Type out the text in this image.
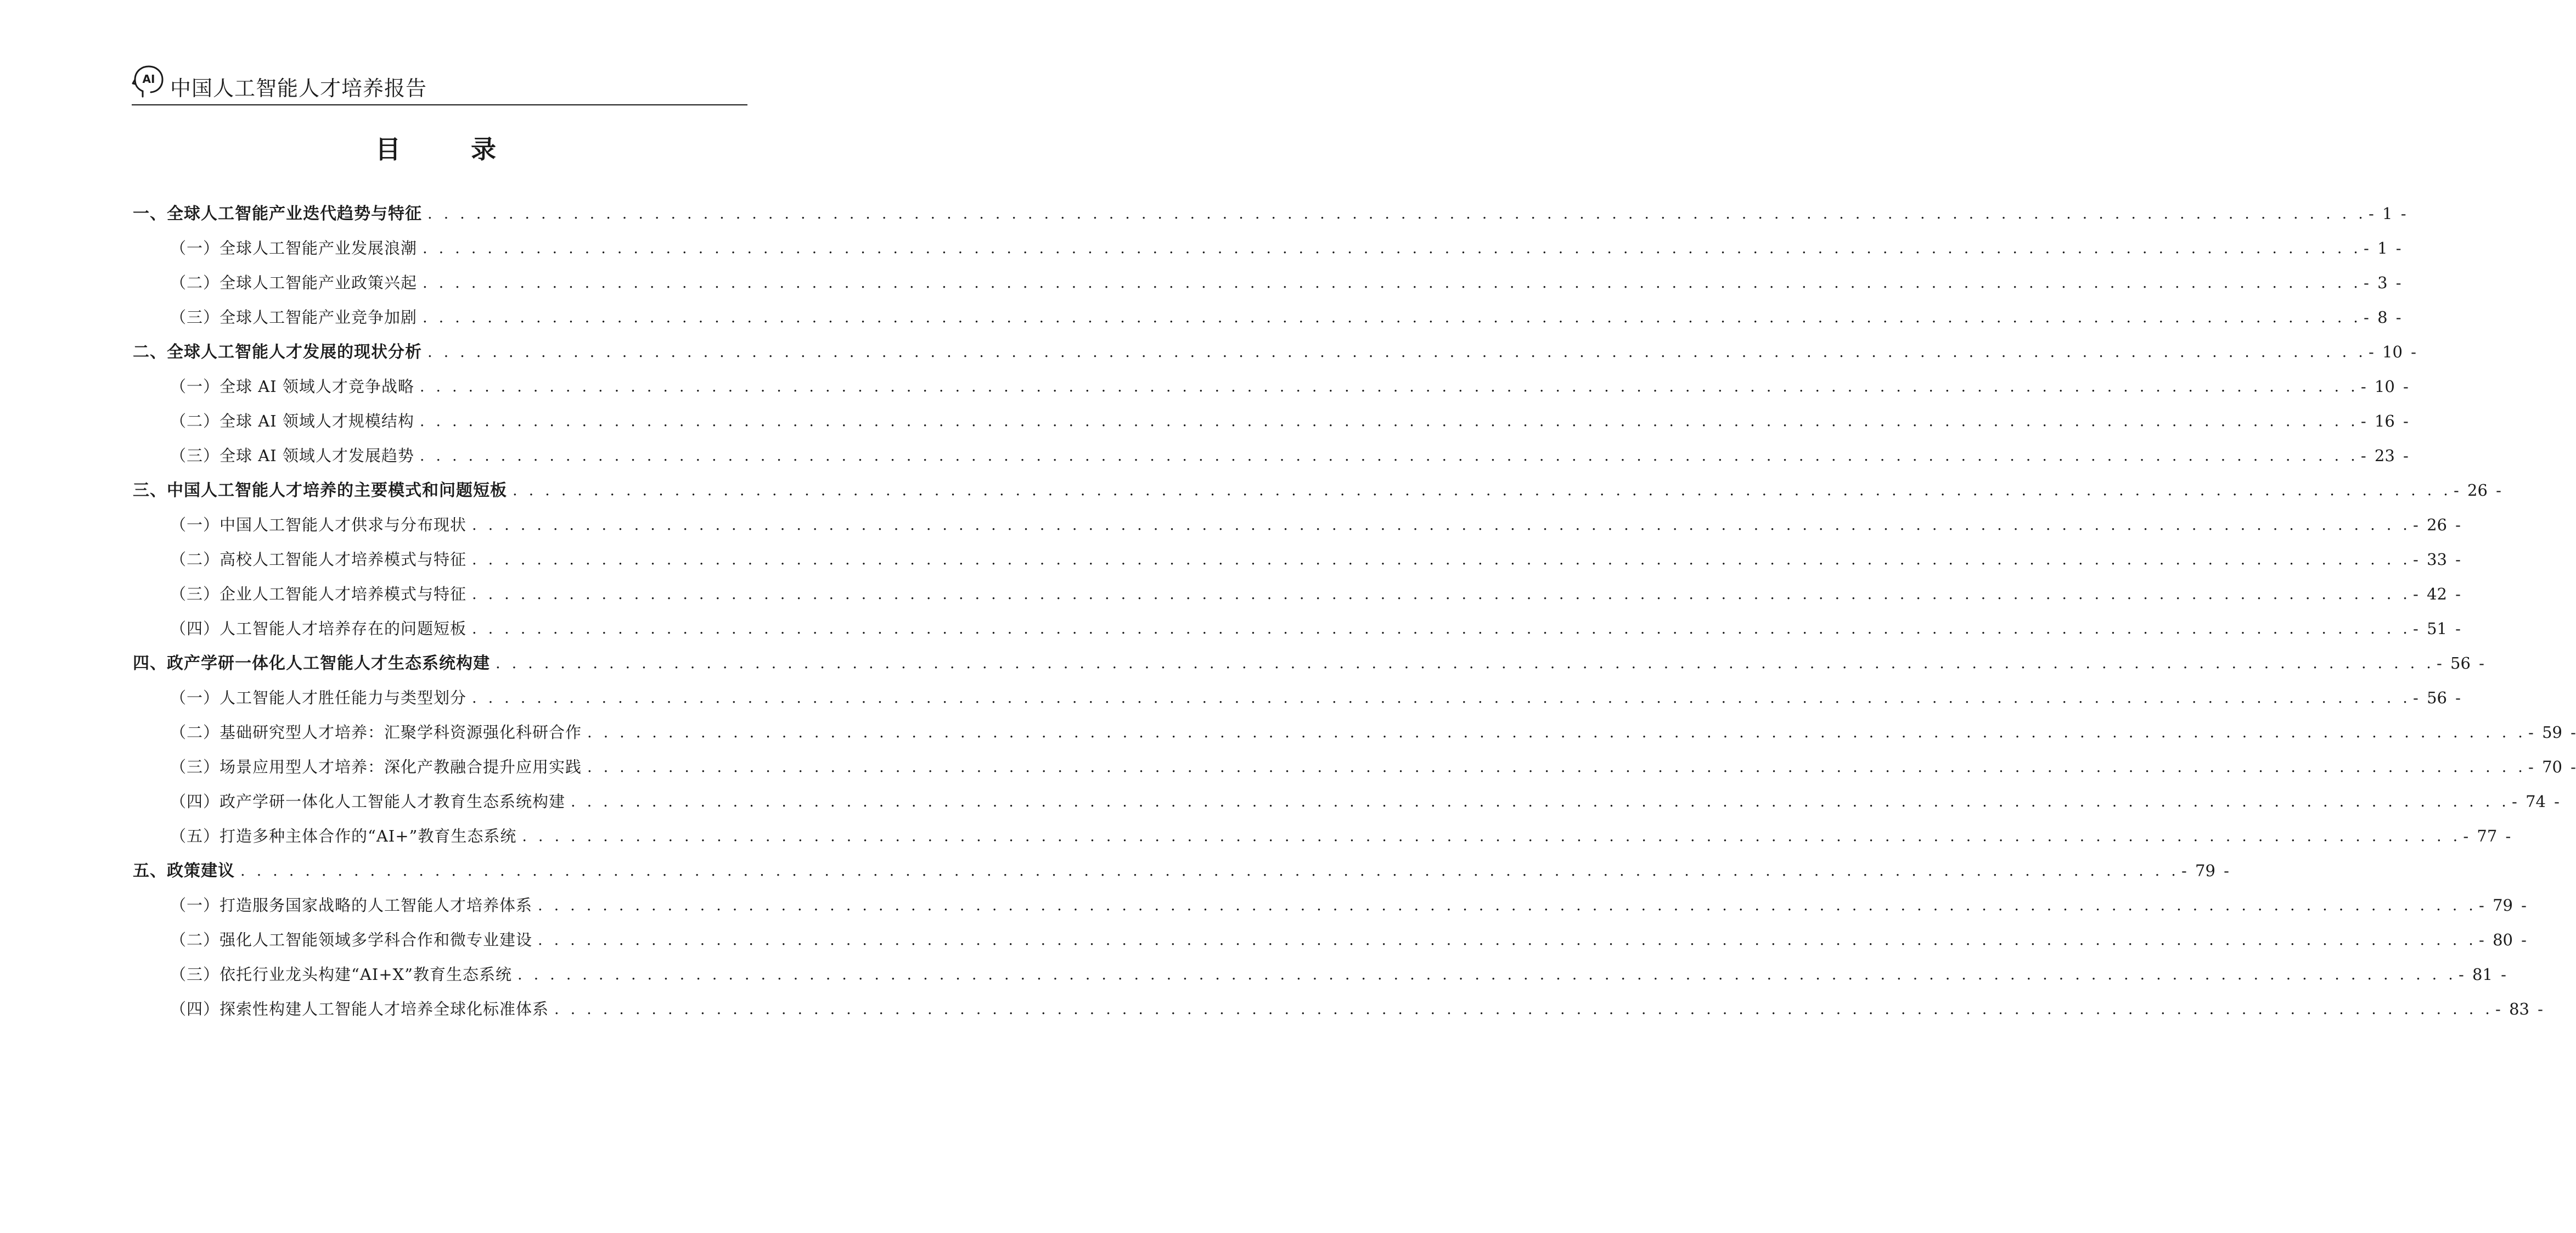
AI 中国人工智能人才培养报告
目 录
一、全球人工智能产业迭代趋势与特征 . . . . . . . . . . . . . . . . . . . . . . . . . . . . . . . . . . . . . . . . . . . . . . . . . . . . . . . . . . . . . . . . . . . . . . . . . . . . . . . . . . . . . . . . . . . . . . . . . . . . . . . . . . . . . . . . . . . . . . . . - 1 -
（一）全球人工智能产业发展浪潮 . . . . . . . . . . . . . . . . . . . . . . . . . . . . . . . . . . . . . . . . . . . . . . . . . . . . . . . . . . . . . . . . . . . . . . . . . . . . . . . . . . . . . . . . . . . . . . . . . . . . . . . . . . . . . . . . . . . . . . . . - 1 -
（二）全球人工智能产业政策兴起 . . . . . . . . . . . . . . . . . . . . . . . . . . . . . . . . . . . . . . . . . . . . . . . . . . . . . . . . . . . . . . . . . . . . . . . . . . . . . . . . . . . . . . . . . . . . . . . . . . . . . . . . . . . . . . . . . . . . . . . . - 3 -
（三）全球人工智能产业竞争加剧 . . . . . . . . . . . . . . . . . . . . . . . . . . . . . . . . . . . . . . . . . . . . . . . . . . . . . . . . . . . . . . . . . . . . . . . . . . . . . . . . . . . . . . . . . . . . . . . . . . . . . . . . . . . . . . . . . . . . . . . . - 8 -
二、全球人工智能人才发展的现状分析 . . . . . . . . . . . . . . . . . . . . . . . . . . . . . . . . . . . . . . . . . . . . . . . . . . . . . . . . . . . . . . . . . . . . . . . . . . . . . . . . . . . . . . . . . . . . . . . . . . . . . . . . . . . . . . . . . . . . . . . . - 10 -
（一）全球 AI 领域人才竞争战略 . . . . . . . . . . . . . . . . . . . . . . . . . . . . . . . . . . . . . . . . . . . . . . . . . . . . . . . . . . . . . . . . . . . . . . . . . . . . . . . . . . . . . . . . . . . . . . . . . . . . . . . . . . . . . . . . . . . . . . . . - 10 -
（二）全球 AI 领域人才规模结构 . . . . . . . . . . . . . . . . . . . . . . . . . . . . . . . . . . . . . . . . . . . . . . . . . . . . . . . . . . . . . . . . . . . . . . . . . . . . . . . . . . . . . . . . . . . . . . . . . . . . . . . . . . . . . . . . . . . . . . . . - 16 -
（三）全球 AI 领域人才发展趋势 . . . . . . . . . . . . . . . . . . . . . . . . . . . . . . . . . . . . . . . . . . . . . . . . . . . . . . . . . . . . . . . . . . . . . . . . . . . . . . . . . . . . . . . . . . . . . . . . . . . . . . . . . . . . . . . . . . . . . . . . - 23 -
三、中国人工智能人才培养的主要模式和问题短板 . . . . . . . . . . . . . . . . . . . . . . . . . . . . . . . . . . . . . . . . . . . . . . . . . . . . . . . . . . . . . . . . . . . . . . . . . . . . . . . . . . . . . . . . . . . . . . . . . . . . . . . . . . . . . . . . . . . . . . . . - 26 -
（一）中国人工智能人才供求与分布现状 . . . . . . . . . . . . . . . . . . . . . . . . . . . . . . . . . . . . . . . . . . . . . . . . . . . . . . . . . . . . . . . . . . . . . . . . . . . . . . . . . . . . . . . . . . . . . . . . . . . . . . . . . . . . . . . . . . . . . . . . - 26 -
（二）高校人工智能人才培养模式与特征 . . . . . . . . . . . . . . . . . . . . . . . . . . . . . . . . . . . . . . . . . . . . . . . . . . . . . . . . . . . . . . . . . . . . . . . . . . . . . . . . . . . . . . . . . . . . . . . . . . . . . . . . . . . . . . . . . . . . . . . . - 33 -
（三）企业人工智能人才培养模式与特征 . . . . . . . . . . . . . . . . . . . . . . . . . . . . . . . . . . . . . . . . . . . . . . . . . . . . . . . . . . . . . . . . . . . . . . . . . . . . . . . . . . . . . . . . . . . . . . . . . . . . . . . . . . . . . . . . . . . . . . . . - 42 -
（四）人工智能人才培养存在的问题短板 . . . . . . . . . . . . . . . . . . . . . . . . . . . . . . . . . . . . . . . . . . . . . . . . . . . . . . . . . . . . . . . . . . . . . . . . . . . . . . . . . . . . . . . . . . . . . . . . . . . . . . . . . . . . . . . . . . . . . . . . - 51 -
四、政产学研一体化人工智能人才生态系统构建 . . . . . . . . . . . . . . . . . . . . . . . . . . . . . . . . . . . . . . . . . . . . . . . . . . . . . . . . . . . . . . . . . . . . . . . . . . . . . . . . . . . . . . . . . . . . . . . . . . . . . . . . . . . . . . . . . . . . . . . . - 56 -
（一）人工智能人才胜任能力与类型划分 . . . . . . . . . . . . . . . . . . . . . . . . . . . . . . . . . . . . . . . . . . . . . . . . . . . . . . . . . . . . . . . . . . . . . . . . . . . . . . . . . . . . . . . . . . . . . . . . . . . . . . . . . . . . . . . . . . . . . . . . - 56 -
（二）基础研究型人才培养：汇聚学科资源强化科研合作 . . . . . . . . . . . . . . . . . . . . . . . . . . . . . . . . . . . . . . . . . . . . . . . . . . . . . . . . . . . . . . . . . . . . . . . . . . . . . . . . . . . . . . . . . . . . . . . . . . . . . . . . . . . . . . . . . . . . . . . . - 59 -
（三）场景应用型人才培养：深化产教融合提升应用实践 . . . . . . . . . . . . . . . . . . . . . . . . . . . . . . . . . . . . . . . . . . . . . . . . . . . . . . . . . . . . . . . . . . . . . . . . . . . . . . . . . . . . . . . . . . . . . . . . . . . . . . . . . . . . . . . . . . . . . . . . - 70 -
（四）政产学研一体化人工智能人才教育生态系统构建 . . . . . . . . . . . . . . . . . . . . . . . . . . . . . . . . . . . . . . . . . . . . . . . . . . . . . . . . . . . . . . . . . . . . . . . . . . . . . . . . . . . . . . . . . . . . . . . . . . . . . . . . . . . . . . . . . . . . . . . . - 74 -
（五）打造多种主体合作的“AI+”教育生态系统 . . . . . . . . . . . . . . . . . . . . . . . . . . . . . . . . . . . . . . . . . . . . . . . . . . . . . . . . . . . . . . . . . . . . . . . . . . . . . . . . . . . . . . . . . . . . . . . . . . . . . . . . . . . . . . . . . . . . . . . . - 77 -
五、政策建议 . . . . . . . . . . . . . . . . . . . . . . . . . . . . . . . . . . . . . . . . . . . . . . . . . . . . . . . . . . . . . . . . . . . . . . . . . . . . . . . . . . . . . . . . . . . . . . . . . . . . . . . . . . . . . . . . . . . . . . . . - 79 -
（一）打造服务国家战略的人工智能人才培养体系 . . . . . . . . . . . . . . . . . . . . . . . . . . . . . . . . . . . . . . . . . . . . . . . . . . . . . . . . . . . . . . . . . . . . . . . . . . . . . . . . . . . . . . . . . . . . . . . . . . . . . . . . . . . . . . . . . . . . . . . . - 79 -
（二）强化人工智能领域多学科合作和微专业建设 . . . . . . . . . . . . . . . . . . . . . . . . . . . . . . . . . . . . . . . . . . . . . . . . . . . . . . . . . . . . . . . . . . . . . . . . . . . . . . . . . . . . . . . . . . . . . . . . . . . . . . . . . . . . . . . . . . . . . . . . - 80 -
（三）依托行业龙头构建“AI+X”教育生态系统 . . . . . . . . . . . . . . . . . . . . . . . . . . . . . . . . . . . . . . . . . . . . . . . . . . . . . . . . . . . . . . . . . . . . . . . . . . . . . . . . . . . . . . . . . . . . . . . . . . . . . . . . . . . . . . . . . . . . . . . . - 81 -
（四）探索性构建人工智能人才培养全球化标准体系 . . . . . . . . . . . . . . . . . . . . . . . . . . . . . . . . . . . . . . . . . . . . . . . . . . . . . . . . . . . . . . . . . . . . . . . . . . . . . . . . . . . . . . . . . . . . . . . . . . . . . . . . . . . . . . . . . . . . . . . . - 83 -
